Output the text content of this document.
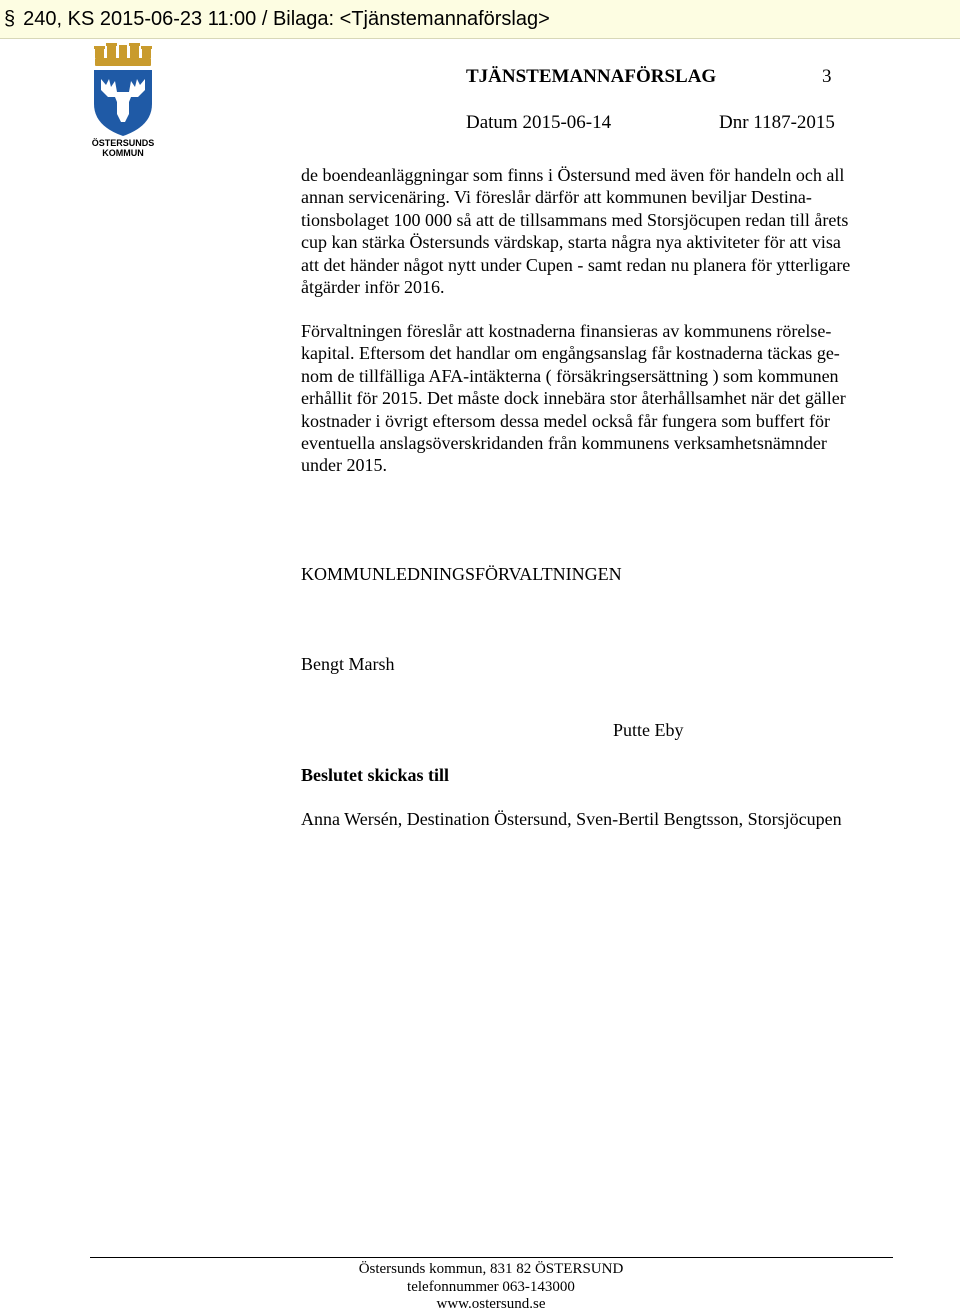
§ 240, KS 2015-06-23 11:00 / Bilaga: <Tjänstemannaförslag>
ÖSTERSUNDS
KOMMUN
TJÄNSTEMANNAFÖRSLAG	3
Datum 2015-06-14	Dnr 1187-2015
de boendeanläggningar som finns i Östersund med även för handeln och all
annan servicenäring. Vi föreslår därför att kommunen beviljar Destina-
tionsbolaget 100 000 så att de tillsammans med Storsjöcupen redan till årets
cup kan stärka Östersunds värdskap, starta några nya aktiviteter för att visa
att det händer något nytt under Cupen - samt redan nu planera för ytterligare
åtgärder inför 2016.
Förvaltningen föreslår att kostnaderna finansieras av kommunens rörelse-
kapital. Eftersom det handlar om engångsanslag får kostnaderna täckas ge-
nom de tillfälliga AFA-intäkterna ( försäkringsersättning ) som kommunen
erhållit för 2015. Det måste dock innebära stor återhållsamhet när det gäller
kostnader i övrigt eftersom dessa medel också får fungera som buffert för
eventuella anslagsöverskridanden från kommunens verksamhetsnämnder
under 2015.
KOMMUNLEDNINGSFÖRVALTNINGEN
Bengt Marsh
Putte Eby
Beslutet skickas till
Anna Wersén, Destination Östersund, Sven-Bertil Bengtsson, Storsjöcupen
Östersunds kommun, 831 82 ÖSTERSUND
telefonnummer 063-143000
www.ostersund.se
